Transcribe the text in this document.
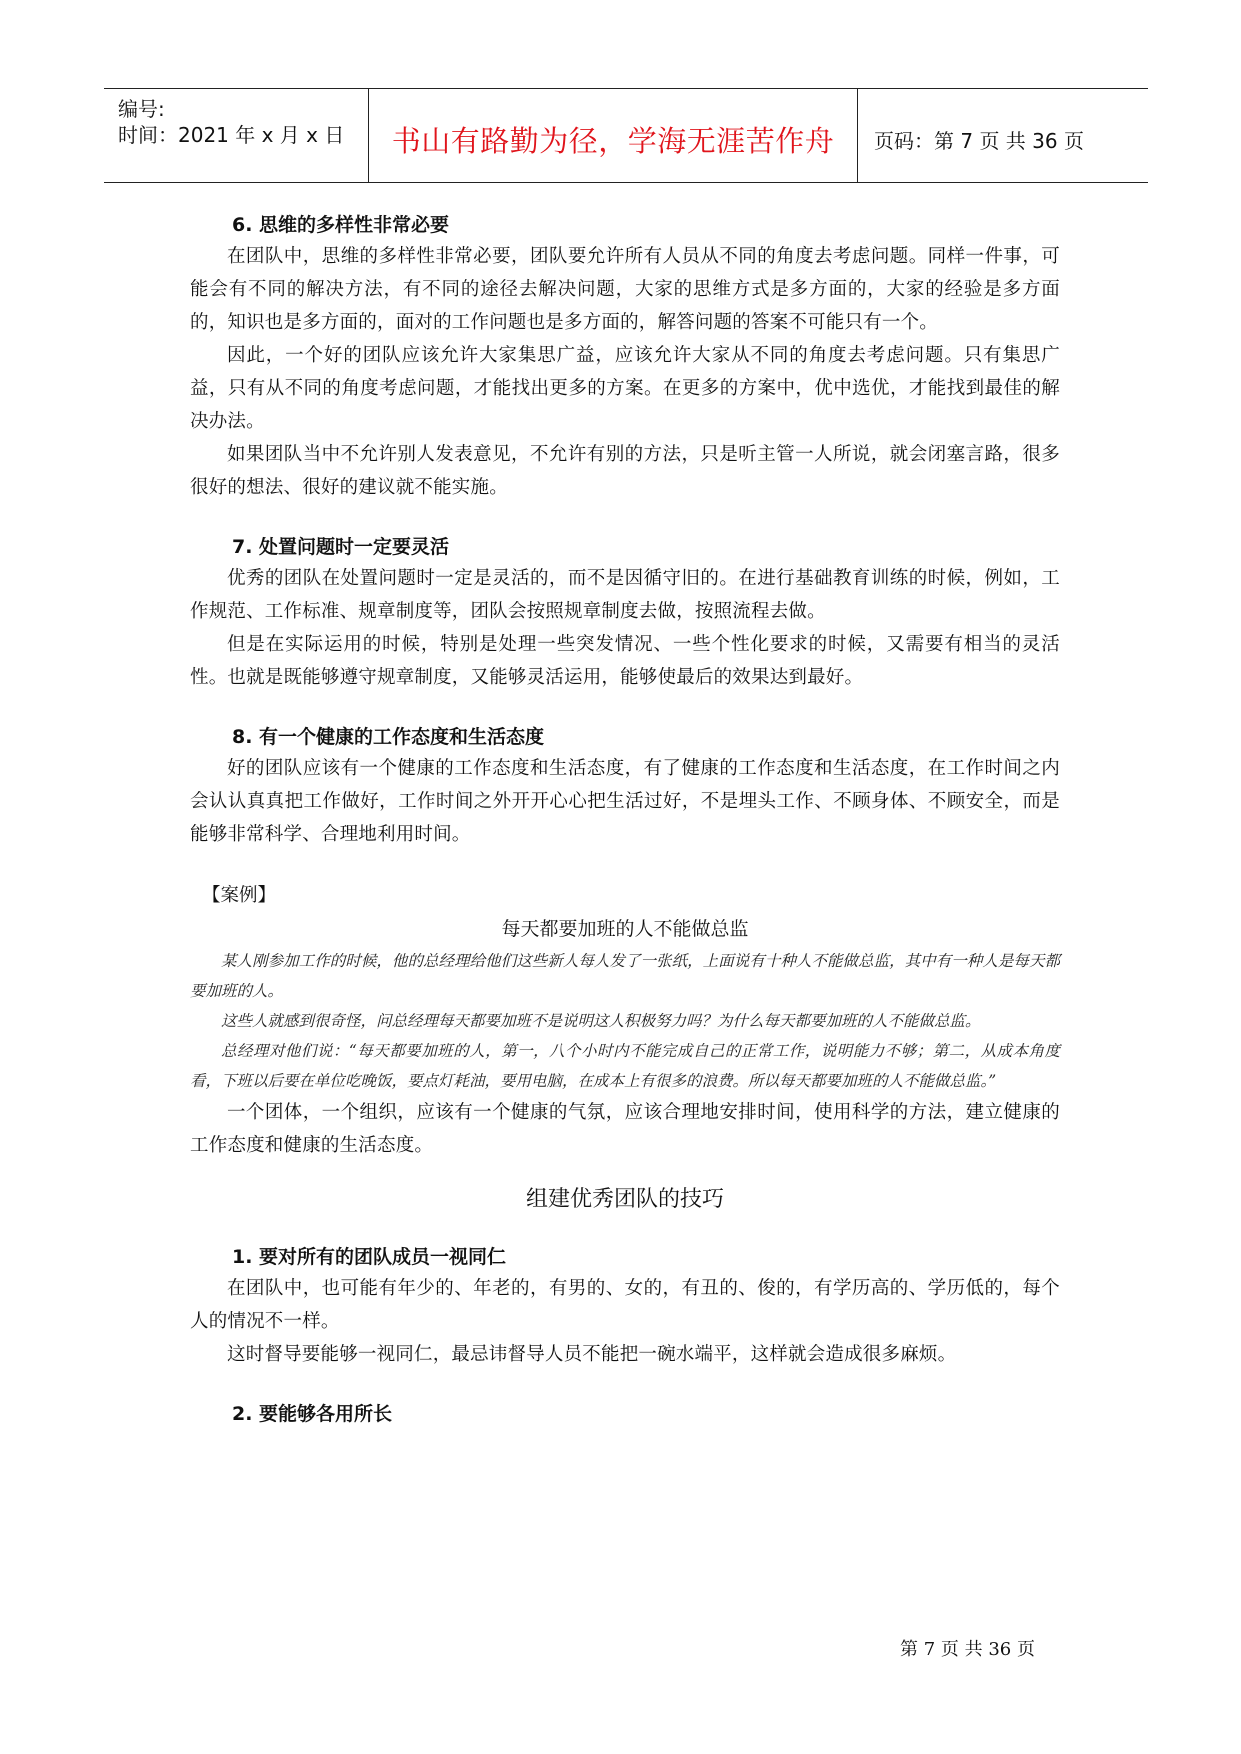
编号:
时间：2021 年 x 月 x 日	书山有路勤为径，学海无涯苦作舟	页码：第 7 页 共 36 页

6. 思维的多样性非常必要

在团队中，思维的多样性非常必要，团队要允许所有人员从不同的角度去考虑问题。同样一件事，可能会有不同的解决方法，有不同的途径去解决问题，大家的思维方式是多方面的，大家的经验是多方面的，知识也是多方面的，面对的工作问题也是多方面的，解答问题的答案不可能只有一个。

因此，一个好的团队应该允许大家集思广益，应该允许大家从不同的角度去考虑问题。只有集思广益，只有从不同的角度考虑问题，才能找出更多的方案。在更多的方案中，优中选优，才能找到最佳的解决办法。

如果团队当中不允许别人发表意见，不允许有别的方法，只是听主管一人所说，就会闭塞言路，很多很好的想法、很好的建议就不能实施。

7. 处置问题时一定要灵活

优秀的团队在处置问题时一定是灵活的，而不是因循守旧的。在进行基础教育训练的时候，例如，工作规范、工作标准、规章制度等，团队会按照规章制度去做，按照流程去做。

但是在实际运用的时候，特别是处理一些突发情况、一些个性化要求的时候，又需要有相当的灵活性。也就是既能够遵守规章制度，又能够灵活运用，能够使最后的效果达到最好。

8. 有一个健康的工作态度和生活态度

好的团队应该有一个健康的工作态度和生活态度，有了健康的工作态度和生活态度，在工作时间之内会认认真真把工作做好，工作时间之外开开心心把生活过好，不是埋头工作、不顾身体、不顾安全，而是能够非常科学、合理地利用时间。

【案例】

每天都要加班的人不能做总监

某人刚参加工作的时候，他的总经理给他们这些新人每人发了一张纸，上面说有十种人不能做总监，其中有一种人是每天都要加班的人。

这些人就感到很奇怪，问总经理每天都要加班不是说明这人积极努力吗？为什么每天都要加班的人不能做总监。

总经理对他们说：“每天都要加班的人，第一，八个小时内不能完成自己的正常工作，说明能力不够；第二，从成本角度看，下班以后要在单位吃晚饭，要点灯耗油，要用电脑，在成本上有很多的浪费。所以每天都要加班的人不能做总监。”

一个团体，一个组织，应该有一个健康的气氛，应该合理地安排时间，使用科学的方法，建立健康的工作态度和健康的生活态度。

组建优秀团队的技巧

1. 要对所有的团队成员一视同仁

在团队中，也可能有年少的、年老的，有男的、女的，有丑的、俊的，有学历高的、学历低的，每个人的情况不一样。

这时督导要能够一视同仁，最忌讳督导人员不能把一碗水端平，这样就会造成很多麻烦。

2. 要能够各用所长

第 7 页 共 36 页
